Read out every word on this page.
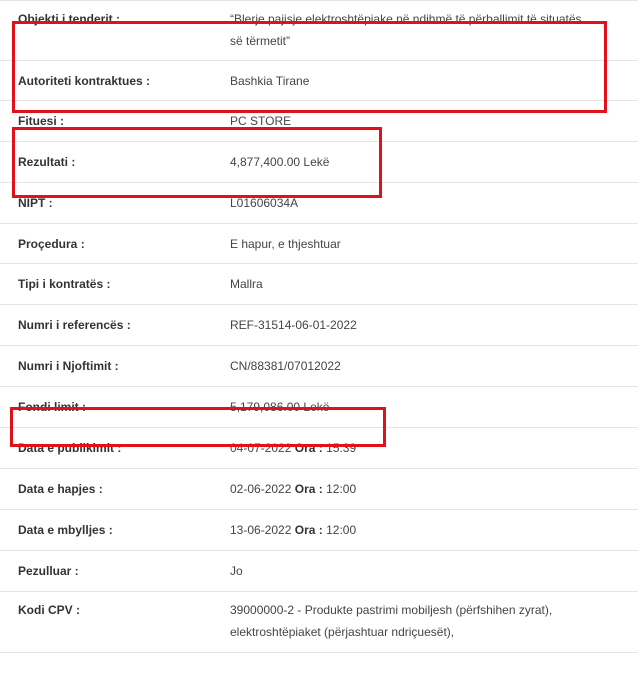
Objekti i tenderit :	“Blerje pajisje elektroshtëpiake në ndihmë të përballimit të situatës së tërmetit”
Autoriteti kontraktues :	Bashkia Tirane
Fituesi :	PC STORE
Rezultati :	4,877,400.00 Lekë
NIPT :	L01606034A
Proçedura :	E hapur, e thjeshtuar
Tipi i kontratës :	Mallra
Numri i referencës :	REF-31514-06-01-2022
Numri i Njoftimit :	CN/88381/07012022
Fondi limit :	5,179,086.00 Lekë
Data e publikimit :	04-07-2022 Ora : 15:39
Data e hapjes :	02-06-2022 Ora : 12:00
Data e mbylljes :	13-06-2022 Ora : 12:00
Pezulluar :	Jo
Kodi CPV :	39000000-2 - Produkte pastrimi mobiljesh (përfshihen zyrat), elektroshtëpiaket (përjashtuar ndriçuesët),
